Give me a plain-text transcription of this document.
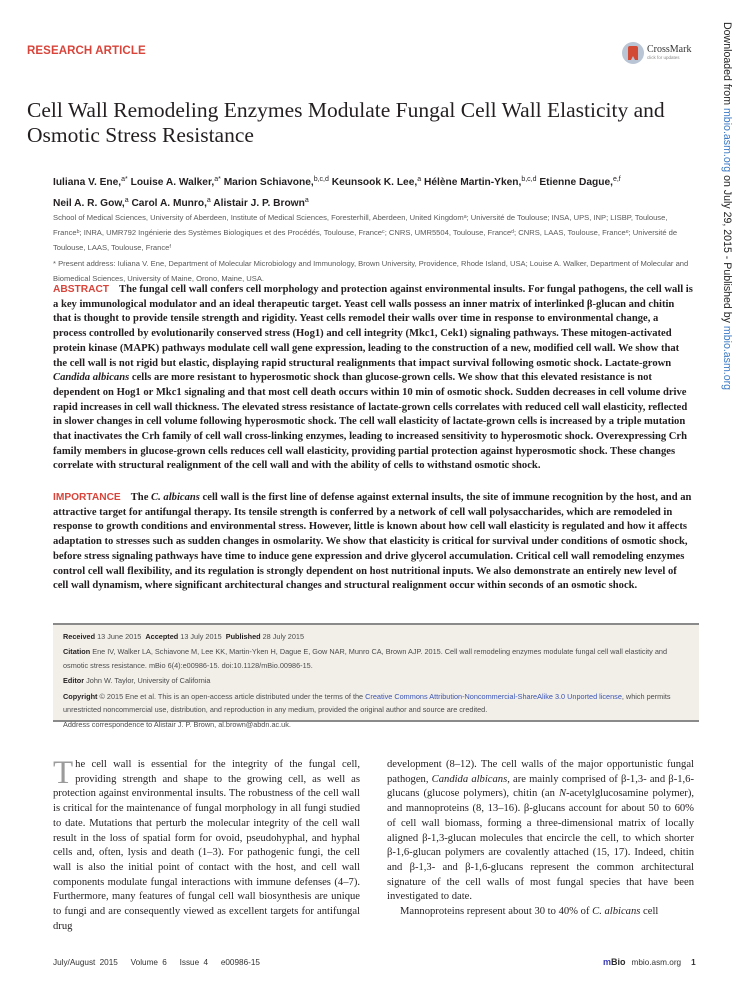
RESEARCH ARTICLE	CrossMark
click for updates	Downloaded from mbio.asm.org on July 29, 2015 - Published by mbio.asm.org
Cell Wall Remodeling Enzymes Modulate Fungal Cell Wall Elasticity and Osmotic Stress Resistance
Iuliana V. Ene,$^{a*}$ Louise A. Walker,$^{a*}$ Marion Schiavone,$^{b,c,d}$ Keunsook K. Lee,$^a$ Hélène Martin-Yken,$^{b,c,d}$ Etienne Dague,$^{e,f}$
Neil A. R. Gow,$^a$ Carol A. Munro,$^a$ Alistair J. P. Brown$^a$
School of Medical Sciences, University of Aberdeen, Institute of Medical Sciences, Foresterhill, Aberdeen, United Kingdomᵃ; Université de Toulouse; INSA, UPS, INP; LISBP, Toulouse, Franceᵇ; INRA, UMR792 Ingénierie des Systèmes Biologiques et des Procédés, Toulouse, Franceᶜ; CNRS, UMR5504, Toulouse, Franceᵈ; CNRS, LAAS, Toulouse, Franceᵉ; Université de Toulouse, LAAS, Toulouse, Franceᶠ
* Present address: Iuliana V. Ene, Department of Molecular Microbiology and Immunology, Brown University, Providence, Rhode Island, USA; Louise A. Walker, Department of Molecular and Biomedical Sciences, University of Maine, Orono, Maine, USA.
ABSTRACT The fungal cell wall confers cell morphology and protection against environmental insults. For fungal pathogens, the cell wall is a key immunological modulator and an ideal therapeutic target. Yeast cell walls possess an inner matrix of interlinked β-glucan and chitin that is thought to provide tensile strength and rigidity. Yeast cells remodel their walls over time in response to environmental change, a process controlled by evolutionarily conserved stress (Hog1) and cell integrity (Mkc1, Cek1) signaling pathways. These mitogen-activated protein kinase (MAPK) pathways modulate cell wall gene expression, leading to the construction of a new, modified cell wall. We show that the cell wall is not rigid but elastic, displaying rapid structural realignments that impact survival following osmotic shock. Lactate-grown Candida albicans cells are more resistant to hyperosmotic shock than glucose-grown cells. We show that this elevated resistance is not dependent on Hog1 or Mkc1 signaling and that most cell death occurs within 10 min of osmotic shock. Sudden decreases in cell volume drive rapid increases in cell wall thickness. The elevated stress resistance of lactate-grown cells correlates with reduced cell wall elasticity, reflected in slower changes in cell volume following hyperosmotic shock. The cell wall elasticity of lactate-grown cells is increased by a triple mutation that inactivates the Crh family of cell wall cross-linking enzymes, leading to increased sensitivity to hyperosmotic shock. Overexpressing Crh family members in glucose-grown cells reduces cell wall elasticity, providing partial protection against hyperosmotic shock. These changes correlate with structural realignment of the cell wall and with the ability of cells to withstand osmotic shock.
IMPORTANCE The C. albicans cell wall is the first line of defense against external insults, the site of immune recognition by the host, and an attractive target for antifungal therapy. Its tensile strength is conferred by a network of cell wall polysaccharides, which are remodeled in response to growth conditions and environmental stress. However, little is known about how cell wall elasticity is regulated and how it affects adaptation to stresses such as sudden changes in osmolarity. We show that elasticity is critical for survival under conditions of osmotic shock, before stress signaling pathways have time to induce gene expression and drive glycerol accumulation. Critical cell wall remodeling enzymes control cell wall flexibility, and its regulation is strongly dependent on host nutritional inputs. We also demonstrate an entirely new level of cell wall dynamism, where significant architectural changes and structural realignment occur within seconds of an osmotic shock.
Received 13 June 2015 Accepted 13 July 2015 Published 28 July 2015
Citation Ene IV, Walker LA, Schiavone M, Lee KK, Martin-Yken H, Dague E, Gow NAR, Munro CA, Brown AJP. 2015. Cell wall remodeling enzymes modulate fungal cell wall elasticity and osmotic stress resistance. mBio 6(4):e00986-15. doi:10.1128/mBio.00986-15.
Editor John W. Taylor, University of California
Copyright © 2015 Ene et al. This is an open-access article distributed under the terms of the Creative Commons Attribution-Noncommercial-ShareAlike 3.0 Unported license, which permits unrestricted noncommercial use, distribution, and reproduction in any medium, provided the original author and source are credited.
Address correspondence to Alistair J. P. Brown, al.brown@abdn.ac.uk.

The cell wall is essential for the integrity of the fungal cell, providing strength and shape to the growing cell, as well as protection against environmental insults. The robustness of the cell wall is critical for the maintenance of fungal morphology in all fungi studied to date. Mutations that perturb the molecular integrity of the cell wall result in the loss of spatial form for ovoid, pseudohyphal, and hyphal cells and, often, lysis and death (1–3). For pathogenic fungi, the cell wall is also the initial point of contact with the host, and cell wall components modulate fungal interactions with immune defenses (4–7). Furthermore, many features of fungal cell wall biosynthesis are unique to fungi and are consequently viewed as excellent targets for antifungal drug

development (8–12). The cell walls of the major opportunistic fungal pathogen, Candida albicans, are mainly comprised of β-1,3- and β-1,6-glucans (glucose polymers), chitin (an N-acetylglucosamine polymer), and mannoproteins (8, 13–16). β-glucans account for about 50 to 60% of cell wall biomass, forming a three-dimensional matrix of locally aligned β-1,3-glucan molecules that encircle the cell, to which shorter β-1,6-glucan polymers are covalently attached (15, 17). Indeed, chitin and β-1,3- and β-1,6-glucans represent the common architectural signature of the cell walls of most fungal species that have been investigated to date.

Mannoproteins represent about 30 to 40% of C. albicans cell

July/August 2015   Volume 6   Issue 4   e00986-15	mBio mbio.asm.org 1
